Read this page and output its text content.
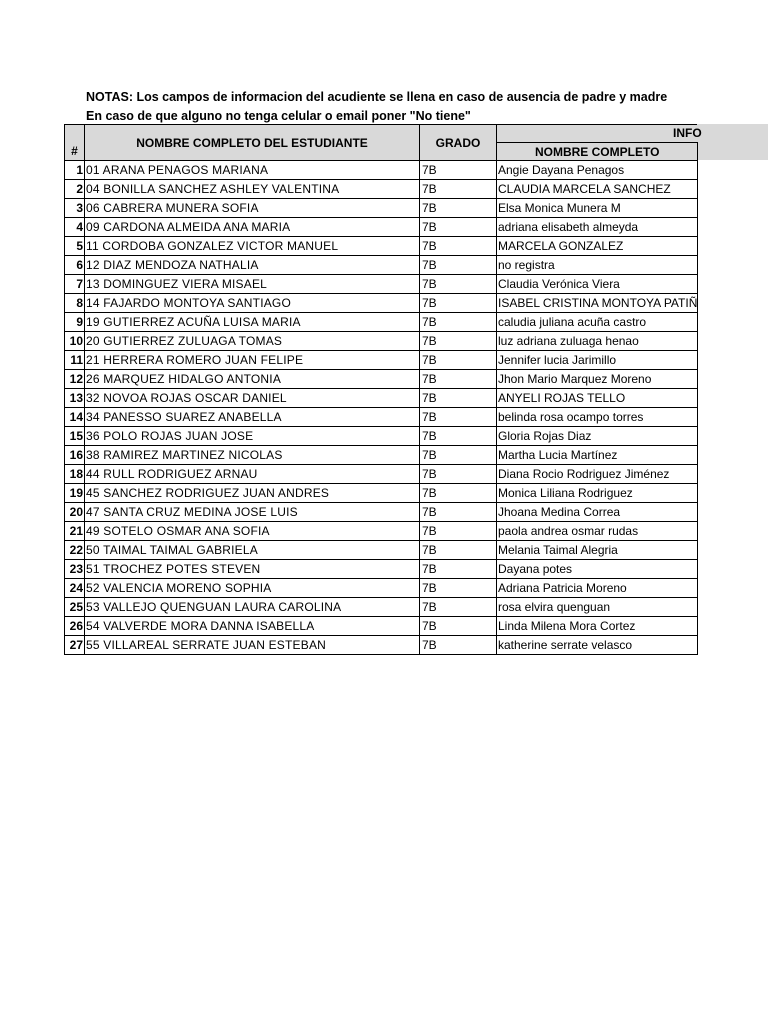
NOTAS: Los campos de informacion del acudiente se llena en caso de ausencia de padre y madre
En caso de que alguno no tenga celular o email poner "No tiene"
INFO
#	NOMBRE COMPLETO DEL ESTUDIANTE	GRADO	
			NOMBRE COMPLETO
1	01 ARANA PENAGOS MARIANA	7B	Angie Dayana Penagos
2	04 BONILLA SANCHEZ ASHLEY VALENTINA	7B	CLAUDIA MARCELA SANCHEZ
3	06 CABRERA MUNERA SOFIA	7B	Elsa Monica Munera M
4	09 CARDONA ALMEIDA ANA MARIA	7B	adriana elisabeth almeyda
5	11 CORDOBA GONZALEZ VICTOR MANUEL	7B	MARCELA GONZALEZ
6	12 DIAZ MENDOZA NATHALIA	7B	no registra
7	13 DOMINGUEZ VIERA MISAEL	7B	Claudia Verónica Viera
8	14 FAJARDO MONTOYA SANTIAGO	7B	ISABEL CRISTINA MONTOYA PATIÑ
9	19 GUTIERREZ ACUÑA LUISA MARIA	7B	caludia juliana acuña castro
10	20 GUTIERREZ ZULUAGA TOMAS	7B	luz adriana zuluaga henao
11	21 HERRERA ROMERO JUAN FELIPE	7B	Jennifer lucia Jarimillo
12	26 MARQUEZ HIDALGO ANTONIA	7B	Jhon Mario Marquez Moreno
13	32 NOVOA ROJAS OSCAR DANIEL	7B	ANYELI ROJAS TELLO
14	34 PANESSO SUAREZ ANABELLA	7B	belinda rosa ocampo torres
15	36 POLO ROJAS JUAN JOSE	7B	Gloria Rojas Diaz
16	38 RAMIREZ MARTINEZ NICOLAS	7B	Martha Lucia Martínez
18	44 RULL RODRIGUEZ ARNAU	7B	Diana Rocio Rodriguez Jiménez
19	45 SANCHEZ RODRIGUEZ JUAN ANDRES	7B	Monica Liliana Rodriguez
20	47 SANTA CRUZ MEDINA JOSE LUIS	7B	Jhoana Medina Correa
21	49 SOTELO OSMAR ANA SOFIA	7B	paola andrea osmar rudas
22	50 TAIMAL TAIMAL GABRIELA	7B	Melania Taimal Alegria
23	51 TROCHEZ POTES STEVEN	7B	Dayana potes
24	52 VALENCIA MORENO SOPHIA	7B	Adriana Patricia Moreno
25	53 VALLEJO QUENGUAN LAURA CAROLINA	7B	rosa elvira quenguan
26	54 VALVERDE MORA DANNA ISABELLA	7B	Linda Milena Mora Cortez
27	55 VILLAREAL SERRATE JUAN ESTEBAN	7B	katherine serrate velasco
